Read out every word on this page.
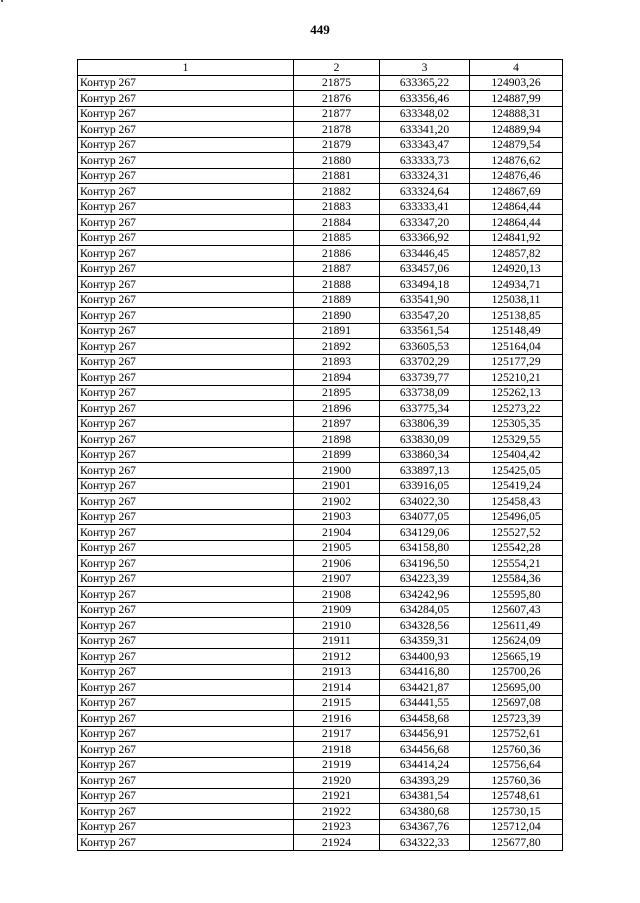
449
1	2	3	4
Контур 267	21875	633365,22	124903,26
Контур 267	21876	633356,46	124887,99
Контур 267	21877	633348,02	124888,31
Контур 267	21878	633341,20	124889,94
Контур 267	21879	633343,47	124879,54
Контур 267	21880	633333,73	124876,62
Контур 267	21881	633324,31	124876,46
Контур 267	21882	633324,64	124867,69
Контур 267	21883	633333,41	124864,44
Контур 267	21884	633347,20	124864,44
Контур 267	21885	633366,92	124841,92
Контур 267	21886	633446,45	124857,82
Контур 267	21887	633457,06	124920,13
Контур 267	21888	633494,18	124934,71
Контур 267	21889	633541,90	125038,11
Контур 267	21890	633547,20	125138,85
Контур 267	21891	633561,54	125148,49
Контур 267	21892	633605,53	125164,04
Контур 267	21893	633702,29	125177,29
Контур 267	21894	633739,77	125210,21
Контур 267	21895	633738,09	125262,13
Контур 267	21896	633775,34	125273,22
Контур 267	21897	633806,39	125305,35
Контур 267	21898	633830,09	125329,55
Контур 267	21899	633860,34	125404,42
Контур 267	21900	633897,13	125425,05
Контур 267	21901	633916,05	125419,24
Контур 267	21902	634022,30	125458,43
Контур 267	21903	634077,05	125496,05
Контур 267	21904	634129,06	125527,52
Контур 267	21905	634158,80	125542,28
Контур 267	21906	634196,50	125554,21
Контур 267	21907	634223,39	125584,36
Контур 267	21908	634242,96	125595,80
Контур 267	21909	634284,05	125607,43
Контур 267	21910	634328,56	125611,49
Контур 267	21911	634359,31	125624,09
Контур 267	21912	634400,93	125665,19
Контур 267	21913	634416,80	125700,26
Контур 267	21914	634421,87	125695,00
Контур 267	21915	634441,55	125697,08
Контур 267	21916	634458,68	125723,39
Контур 267	21917	634456,91	125752,61
Контур 267	21918	634456,68	125760,36
Контур 267	21919	634414,24	125756,64
Контур 267	21920	634393,29	125760,36
Контур 267	21921	634381,54	125748,61
Контур 267	21922	634380,68	125730,15
Контур 267	21923	634367,76	125712,04
Контур 267	21924	634322,33	125677,80
